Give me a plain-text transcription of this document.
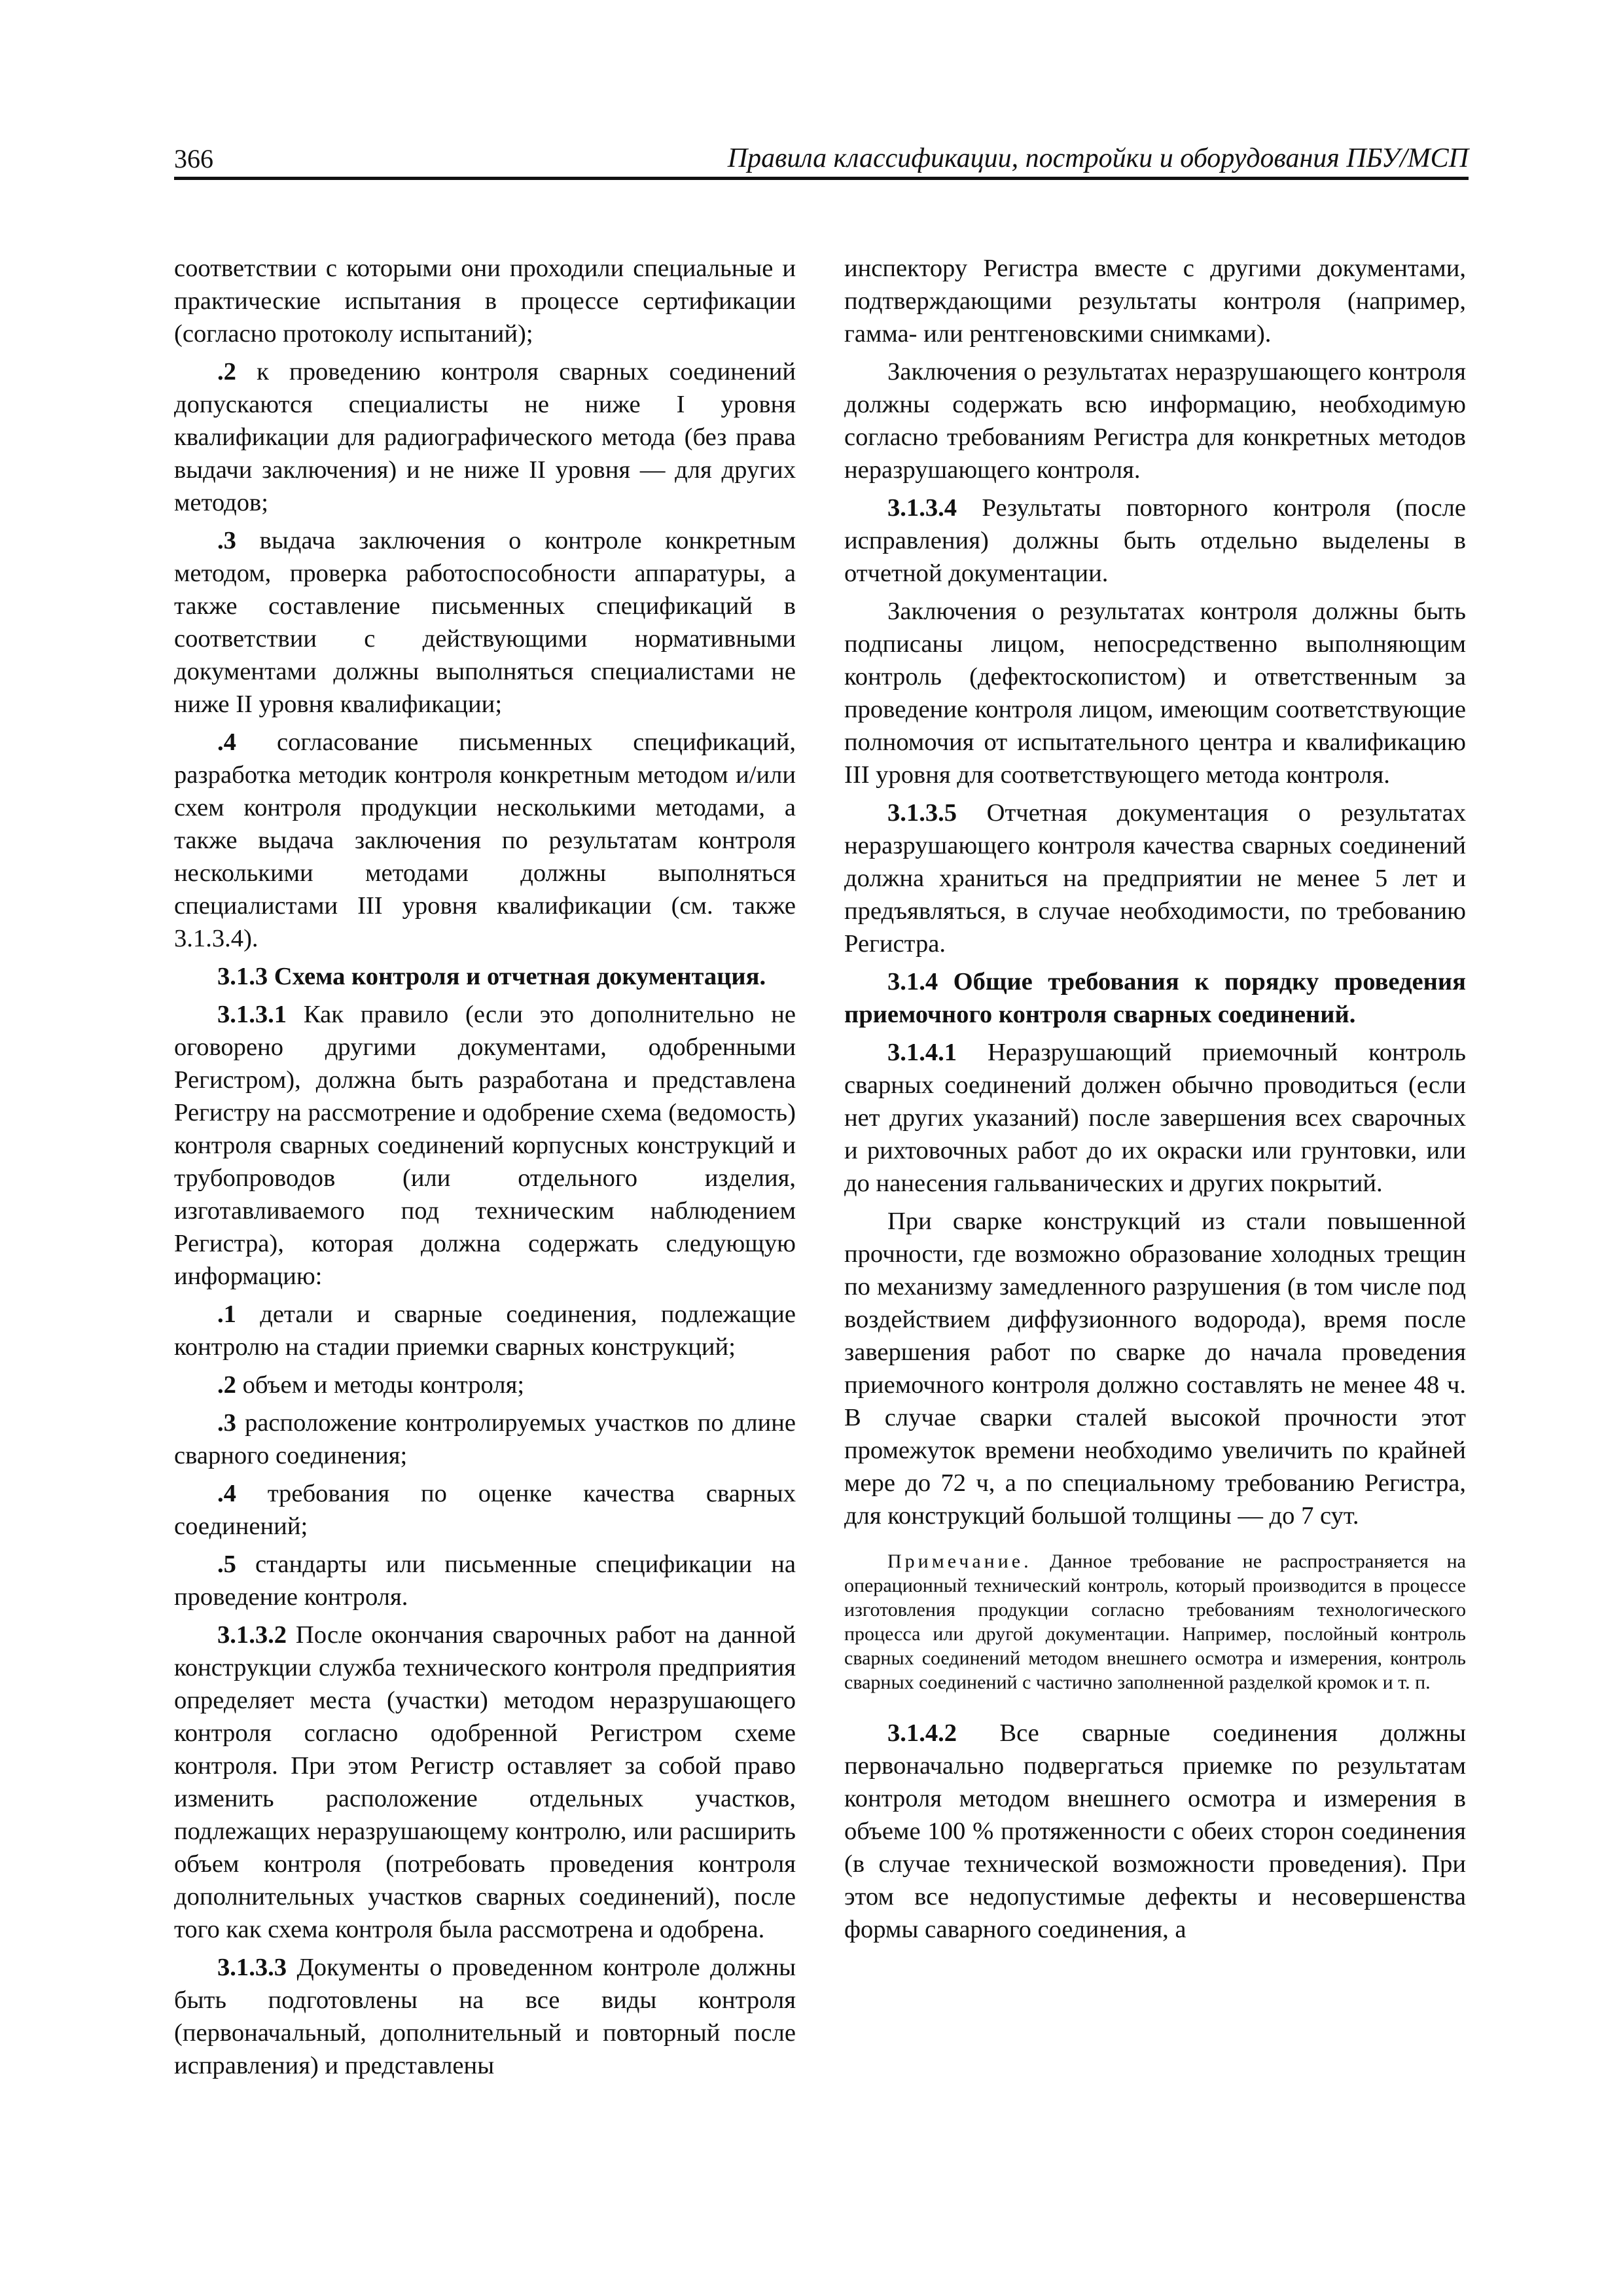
366	Правила классификации, постройки и оборудования ПБУ/МСП

соответствии с которыми они проходили специальные и практические испытания в процессе сертификации (согласно протоколу испытаний);

.2 к проведению контроля сварных соединений допускаются специалисты не ниже I уровня квалификации для радиографического метода (без права выдачи заключения) и не ниже II уровня — для других методов;

.3 выдача заключения о контроле конкретным методом, проверка работоспособности аппаратуры, а также составление письменных спецификаций в соответствии с действующими нормативными документами должны выполняться специалистами не ниже II уровня квалификации;

.4 согласование письменных спецификаций, разработка методик контроля конкретным методом и/или схем контроля продукции несколькими методами, а также выдача заключения по результатам контроля несколькими методами должны выполняться специалистами III уровня квалификации (см. также 3.1.3.4).

3.1.3 Схема контроля и отчетная документация.

3.1.3.1 Как правило (если это дополнительно не оговорено другими документами, одобренными Регистром), должна быть разработана и представлена Регистру на рассмотрение и одобрение схема (ведомость) контроля сварных соединений корпусных конструкций и трубопроводов (или отдельного изделия, изготавливаемого под техническим наблюдением Регистра), которая должна содержать следующую информацию:

.1 детали и сварные соединения, подлежащие контролю на стадии приемки сварных конструкций;

.2 объем и методы контроля;

.3 расположение контролируемых участков по длине сварного соединения;

.4 требования по оценке качества сварных соединений;

.5 стандарты или письменные спецификации на проведение контроля.

3.1.3.2 После окончания сварочных работ на данной конструкции служба технического контроля предприятия определяет места (участки) методом неразрушающего контроля согласно одобренной Регистром схеме контроля. При этом Регистр оставляет за собой право изменить расположение отдельных участков, подлежащих неразрушающему контролю, или расширить объем контроля (потребовать проведения контроля дополнительных участков сварных соединений), после того как схема контроля была рассмотрена и одобрена.

3.1.3.3 Документы о проведенном контроле должны быть подготовлены на все виды контроля (первоначальный, дополнительный и повторный после исправления) и представлены

инспектору Регистра вместе с другими документами, подтверждающими результаты контроля (например, гамма- или рентгеновскими снимками).

Заключения о результатах неразрушающего контроля должны содержать всю информацию, необходимую согласно требованиям Регистра для конкретных методов неразрушающего контроля.

3.1.3.4 Результаты повторного контроля (после исправления) должны быть отдельно выделены в отчетной документации.

Заключения о результатах контроля должны быть подписаны лицом, непосредственно выполняющим контроль (дефектоскопистом) и ответственным за проведение контроля лицом, имеющим соответствующие полномочия от испытательного центра и квалификацию III уровня для соответствующего метода контроля.

3.1.3.5 Отчетная документация о результатах неразрушающего контроля качества сварных соединений должна храниться на предприятии не менее 5 лет и предъявляться, в случае необходимости, по требованию Регистра.

3.1.4 Общие требования к порядку проведения приемочного контроля сварных соединений.

3.1.4.1 Неразрушающий приемочный контроль сварных соединений должен обычно проводиться (если нет других указаний) после завершения всех сварочных и рихтовочных работ до их окраски или грунтовки, или до нанесения гальванических и других покрытий.

При сварке конструкций из стали повышенной прочности, где возможно образование холодных трещин по механизму замедленного разрушения (в том числе под воздействием диффузионного водорода), время после завершения работ по сварке до начала проведения приемочного контроля должно составлять не менее 48 ч. В случае сварки сталей высокой прочности этот промежуток времени необходимо увеличить по крайней мере до 72 ч, а по специальному требованию Регистра, для конструкций большой толщины — до 7 сут.

Примечание. Данное требование не распространяется на операционный технический контроль, который производится в процессе изготовления продукции согласно требованиям технологического процесса или другой документации. Например, послойный контроль сварных соединений методом внешнего осмотра и измерения, контроль сварных соединений с частично заполненной разделкой кромок и т. п.

3.1.4.2 Все сварные соединения должны первоначально подвергаться приемке по результатам контроля методом внешнего осмотра и измерения в объеме 100 % протяженности с обеих сторон соединения (в случае технической возможности проведения). При этом все недопустимые дефекты и несовершенства формы саварного соединения, а
